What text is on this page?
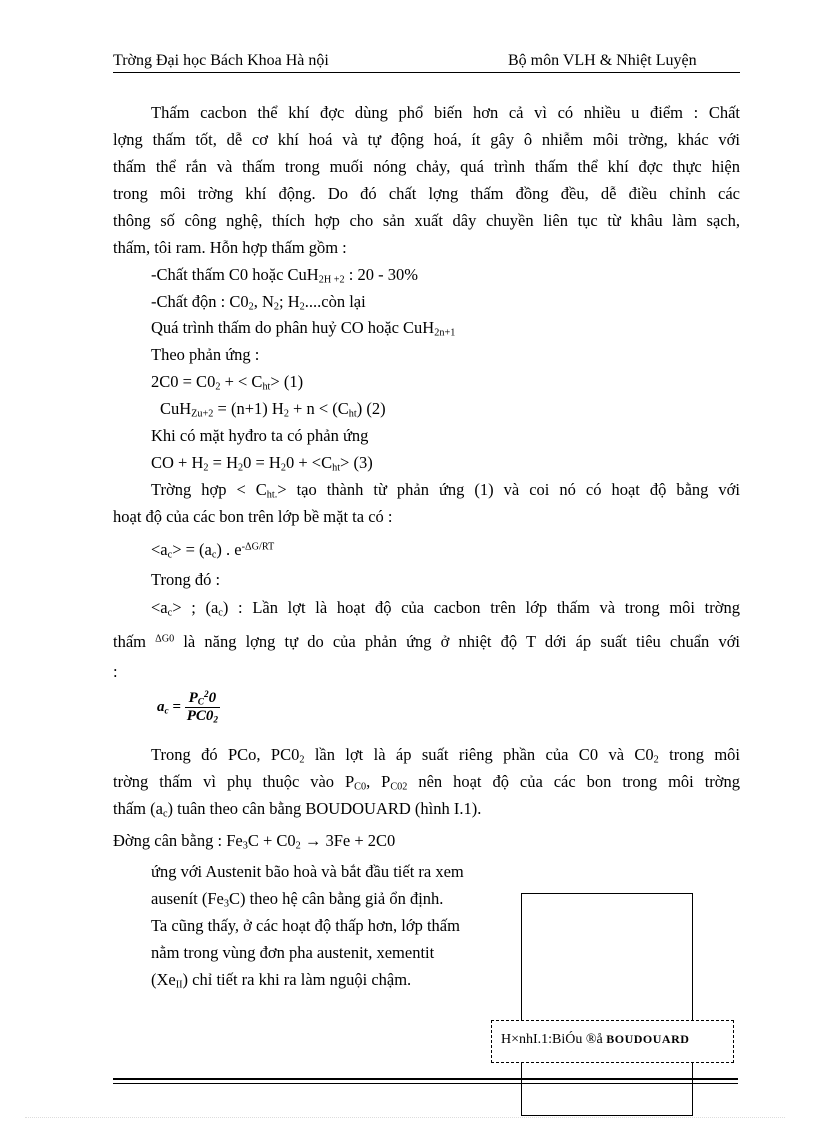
Trờng Đại học Bách Khoa Hà nội	Bộ môn VLH & Nhiệt Luyện
Thấm cacbon thể khí đợc dùng phổ biến hơn cả vì có nhiều u điểm : Chất
lợng thấm tốt, dễ cơ khí hoá và tự động hoá, ít gây ô nhiễm môi trờng, khác với
thấm thể rắn và thấm trong muối nóng chảy, quá trình thấm thể khí đợc thực hiện
trong môi trờng khí động. Do đó chất lợng thấm đồng đều, dễ điều chỉnh các
thông số công nghệ, thích hợp cho sản xuất dây chuyền liên tục từ khâu làm sạch,
thấm, tôi ram. Hỗn hợp thấm gồm :
-Chất thấm C0 hoặc CuH$_{2H +2}$ : 20 - 30%
-Chất độn : $C0_2$, $N_2$; $H_2....còn$ lại
Quá trình thấm do phân huỷ CO hoặc CuH$_{2n+1}$
Theo phản ứng :
$2C0 = C0_2$ + < $C_{ht}> (1)$
CuH$_{Zu+2}$ = (n+1) $H_2 + n < (C_{ht})$ (2)
Khi có mặt hyđro ta có phản ứng
CO + $H_2 = H_20 = H_20 + <C_{ht}> (3)$
Trờng hợp < $C_{ht.}>$ tạo thành từ phản ứng (1) và coi nó có hoạt độ bằng với
hoạt độ của các bon trên lớp bề mặt ta có :
$<a_c> = (a_c)$ . $e^{-\Delta G/RT}$
Trong đó :
$<a_c>$ ; $(a_c)$ : Lần lợt là hoạt độ của cacbon trên lớp thấm và trong môi trờng
thấm $^{\Delta G0}$ là năng lợng tự do của phản ứng ở nhiệt độ T dới áp suất tiêu chuẩn với
:
$a_c = \frac{P_C^20}{PC0_2}$
Trong đó PCo, $PC0_2$ lần lợt là áp suất riêng phần của C0 và $C0_2$ trong môi
trờng thấm vì phụ thuộc vào $P_{C0}$, $P_{C02}$ nên hoạt độ của các bon trong môi trờng
thấm $(a_c)$ tuân theo cân bằng BOUDOUARD (hình I.1).
Đờng cân bằng : $Fe_3C + C0_2 \to 3Fe + 2C0$
ứng với Austenit bão hoà và bắt đầu tiết ra xem
ausenít $(Fe_3C)$ theo hệ cân bằng giả ổn định.
Ta cũng thấy, ở các hoạt độ thấp hơn, lớp thấm
nằm trong vùng đơn pha austenit, xementit
$(Xe_{II})$ chỉ tiết ra khi ra làm nguội chậm.
H×nhI.1:BiÓu ®å BOUDOUARD
